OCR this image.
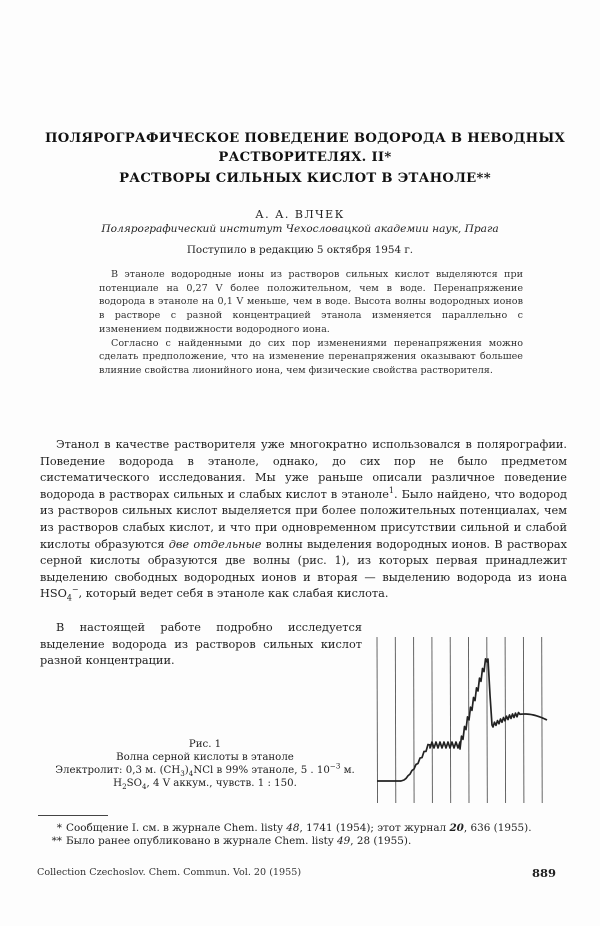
ПОЛЯРОГРАФИЧЕСКОЕ ПОВЕДЕНИЕ ВОДОРОДА В НЕВОДНЫХ
РАСТВОРИТЕЛЯХ. II*
РАСТВОРЫ СИЛЬНЫХ КИСЛОТ В ЭТАНОЛЕ**
А. А. ВЛЧЕК
Полярографический институт Чехословацкой академии наук, Прага
Поступило в редакцию 5 октября 1954 г.

В этаноле водородные ионы из растворов сильных кислот выделяются при потенциале на 0,27 V более положительном, чем в воде. Перенапряжение водорода в этаноле на 0,1 V меньше, чем в воде. Высота волны водородных ионов в растворе с разной концентрацией этанола изменяется параллельно с изменением подвижности водородного иона.

Согласно с найденными до сих пор изменениями перенапряжения можно сделать предположение, что на изменение перенапряжения оказывают большее влияние свойства лионийного иона, чем физические свойства растворителя.

Этанол в качестве растворителя уже многократно использовался в полярографии. Поведение водорода в этаноле, однако, до сих пор не было предметом систематического исследования. Мы уже раньше описали различное поведение водорода в растворах сильных и слабых кислот в этаноле$^1$. Было найдено, что водород из растворов сильных кислот выделяется при более положительных потенциалах, чем из растворов слабых кислот, и что при одновременном присутствии сильной и слабой кислоты образуются две отдельные волны выделения водородных ионов. В растворах серной кислоты образуются две волны (рис. 1), из которых первая принадлежит выделению свободных водородных ионов и вторая — выделению водорода из иона $HSO_4^-$, который ведет себя в этаноле как слабая кислота.

В настоящей работе подробно исследуется выделение водорода из растворов сильных кислот разной концентрации.

Рис. 1
Волна серной кислоты в этаноле
Электролит: 0,3 м. $(CH_3)_4NCl$ в 99% этаноле, 5 . $10^{-3}$ м.
$H_2SO_4$, 4 V аккум., чувств. 1 : 150.
* Сообщение I. см. в журнале Chem. listy 48, 1741 (1954); этот журнал 20, 636 (1955).
** Было ранее опубликовано в журнале Chem. listy 49, 28 (1955).
Collection Czechoslov. Chem. Commun. Vol. 20 (1955)	889
